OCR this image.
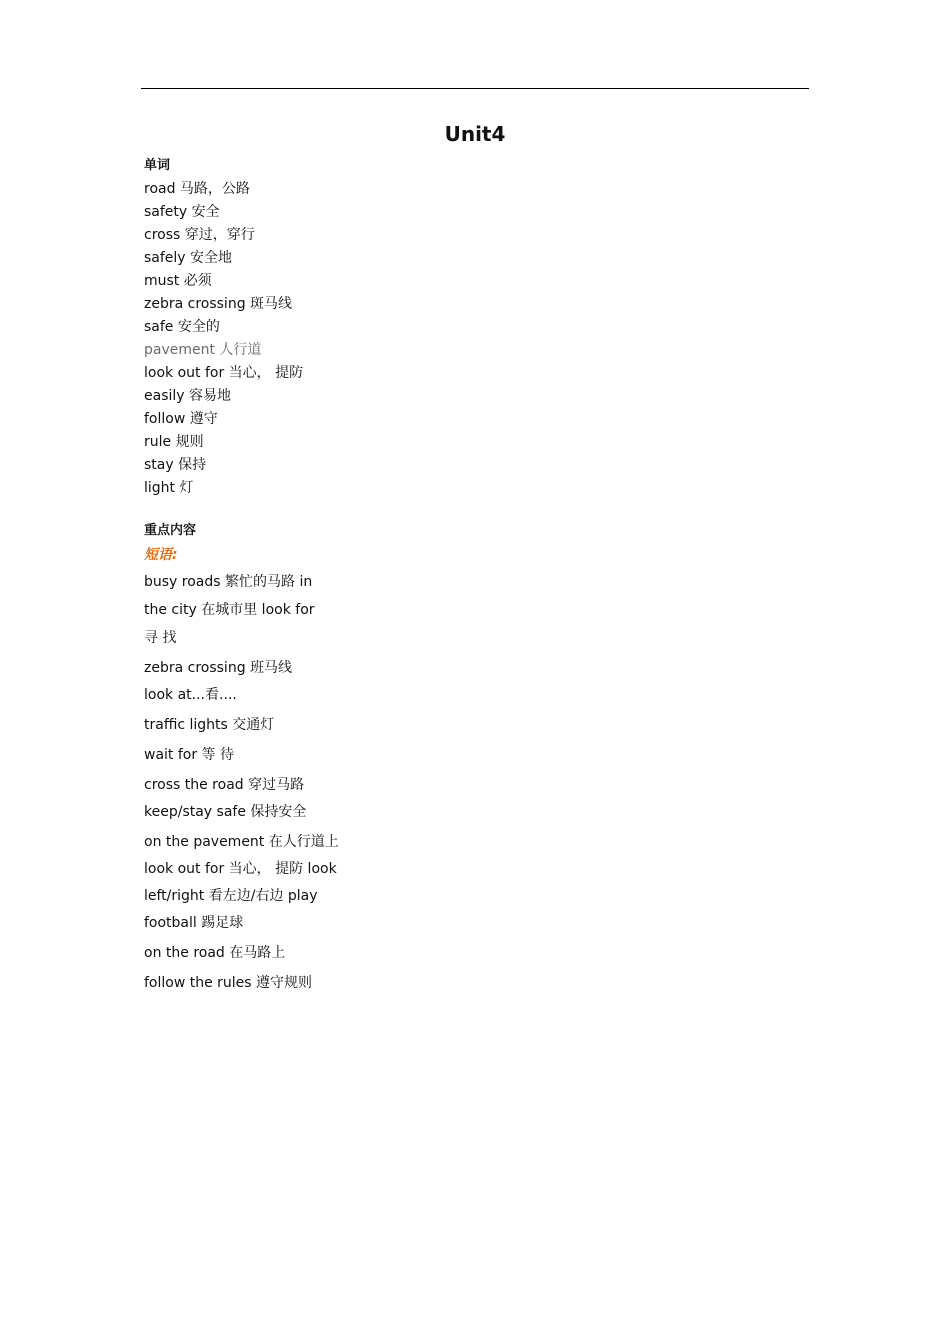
Unit4
单词
road 马路，公路
safety 安全
cross 穿过，穿行
safely 安全地
must 必须
zebra crossing 斑马线
safe 安全的
pavement 人行道
look out for 当心， 提防
easily 容易地
follow 遵守
rule 规则
stay 保持
light 灯
重点内容
短语:
busy roads 繁忙的马路 in
the city 在城市里 look for
寻 找
zebra crossing 班马线
look at...看....
traffic lights 交通灯
wait for 等 待
cross the road 穿过马路
keep/stay safe 保持安全
on the pavement 在人行道上
look out for 当心， 提防 look
left/right 看左边/右边 play
football 踢足球
on the road 在马路上
follow the rules 遵守规则
